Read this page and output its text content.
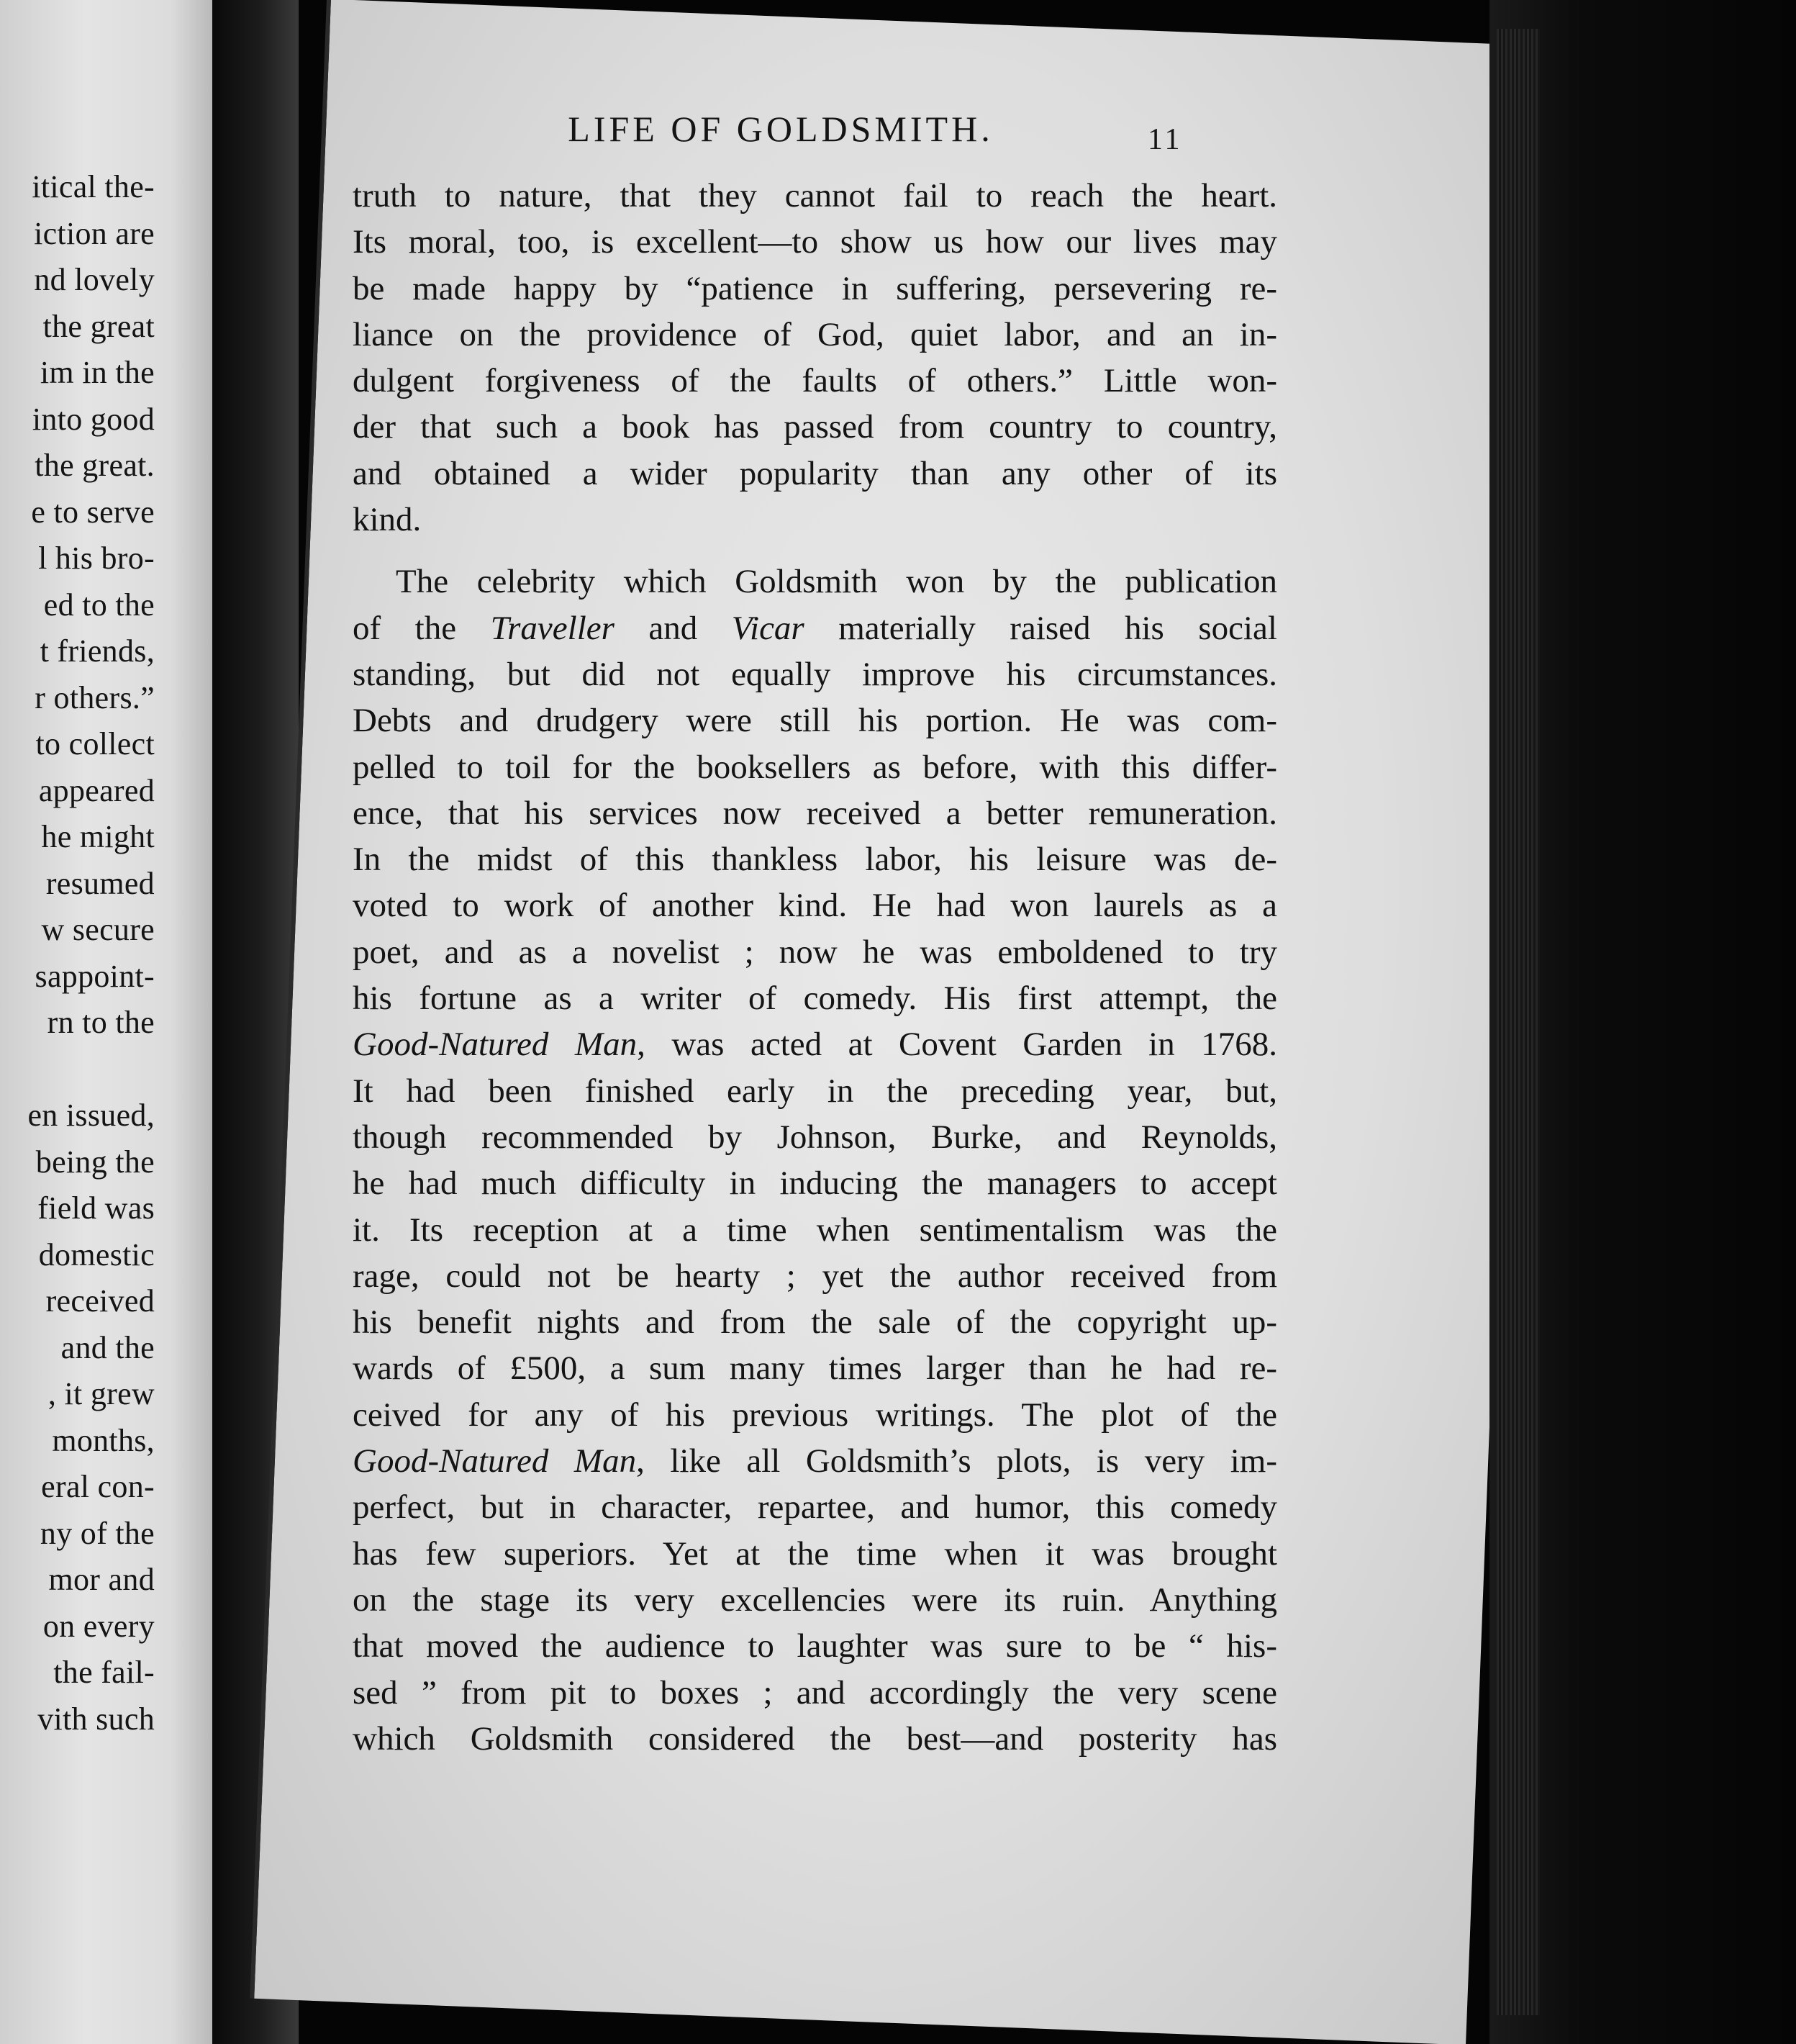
itical the-
iction are
nd lovely
the great
im in the
into good
the great.
e to serve
l his bro-
ed to the
t friends,
r others.”
to collect
appeared
he might
resumed
w secure
sappoint-
rn to the
en issued,
being the
field was
domestic
received
and the
, it grew
months,
eral con-
ny of the
mor and
on every
the fail-
vith such
LIFE OF GOLDSMITH.	11
truth to nature, that they cannot fail to reach the heart.
Its moral, too, is excellent—to show us how our lives may
be made happy by “patience in suffering, persevering re-
liance on the providence of God, quiet labor, and an in-
dulgent forgiveness of the faults of others.” Little won-
der that such a book has passed from country to country,
and obtained a wider popularity than any other of its
kind.
The celebrity which Goldsmith won by the publication
of the Traveller and Vicar materially raised his social
standing, but did not equally improve his circumstances.
Debts and drudgery were still his portion. He was com-
pelled to toil for the booksellers as before, with this differ-
ence, that his services now received a better remuneration.
In the midst of this thankless labor, his leisure was de-
voted to work of another kind. He had won laurels as a
poet, and as a novelist ; now he was emboldened to try
his fortune as a writer of comedy. His first attempt, the
Good-Natured Man, was acted at Covent Garden in 1768.
It had been finished early in the preceding year, but,
though recommended by Johnson, Burke, and Reynolds,
he had much difficulty in inducing the managers to accept
it. Its reception at a time when sentimentalism was the
rage, could not be hearty ; yet the author received from
his benefit nights and from the sale of the copyright up-
wards of £500, a sum many times larger than he had re-
ceived for any of his previous writings. The plot of the
Good-Natured Man, like all Goldsmith’s plots, is very im-
perfect, but in character, repartee, and humor, this comedy
has few superiors. Yet at the time when it was brought
on the stage its very excellencies were its ruin. Anything
that moved the audience to laughter was sure to be “ his-
sed ” from pit to boxes ; and accordingly the very scene
which Goldsmith considered the best—and posterity has
